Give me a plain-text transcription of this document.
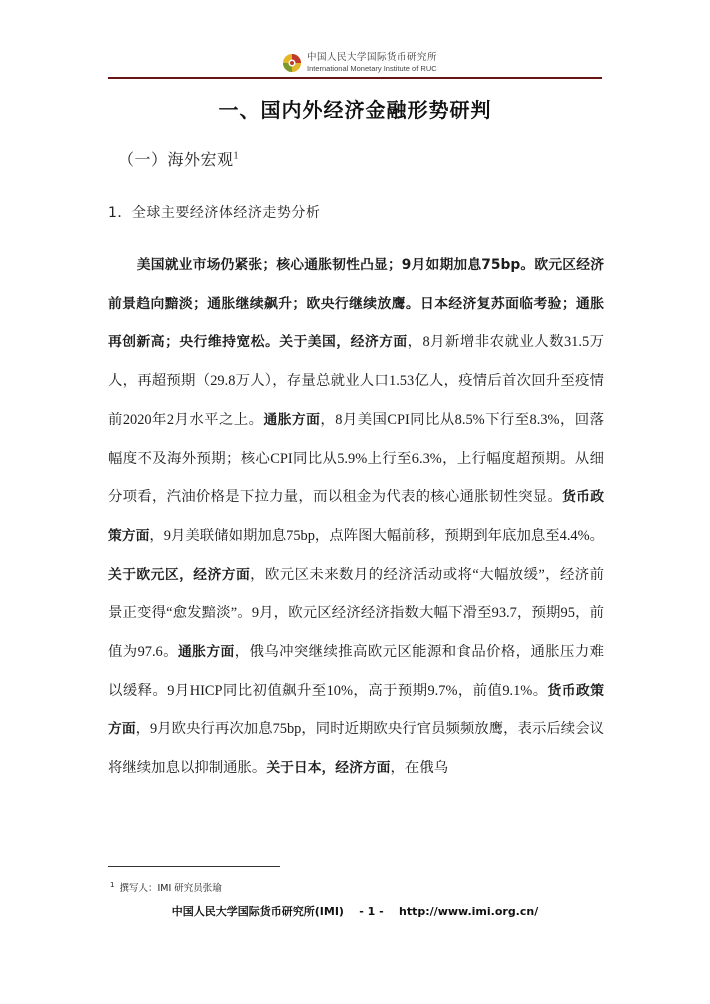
中国人民大学国际货币研究所
International Monetary Institute of RUC
一、国内外经济金融形势研判
（一）海外宏观$^1$
1．全球主要经济体经济走势分析
美国就业市场仍紧张；核心通胀韧性凸显；9月如期加息75bp。欧元区经济前景趋向黯淡；通胀继续飙升；欧央行继续放鹰。日本经济复苏面临考验；通胀再创新高；央行维持宽松。关于美国，经济方面，8月新增非农就业人数31.5万人，再超预期（29.8万人），存量总就业人口1.53亿人，疫情后首次回升至疫情前2020年2月水平之上。通胀方面，8月美国CPI同比从8.5%下行至8.3%，回落幅度不及海外预期；核心CPI同比从5.9%上行至6.3%，上行幅度超预期。从细分项看，汽油价格是下拉力量，而以租金为代表的核心通胀韧性突显。货币政策方面，9月美联储如期加息75bp，点阵图大幅前移，预期到年底加息至4.4%。关于欧元区，经济方面，欧元区未来数月的经济活动或将“大幅放缓”，经济前景正变得“愈发黯淡”。9月，欧元区经济经济指数大幅下滑至93.7，预期95，前值为97.6。通胀方面，俄乌冲突继续推高欧元区能源和食品价格，通胀压力难以缓释。9月HICP同比初值飙升至10%，高于预期9.7%，前值9.1%。货币政策方面，9月欧央行再次加息75bp，同时近期欧央行官员频频放鹰，表示后续会议将继续加息以抑制通胀。关于日本，经济方面，在俄乌
$^1$ 撰写人：IMI 研究员张瑜
中国人民大学国际货币研究所(IMI)    - 1 -    http://www.imi.org.cn/
